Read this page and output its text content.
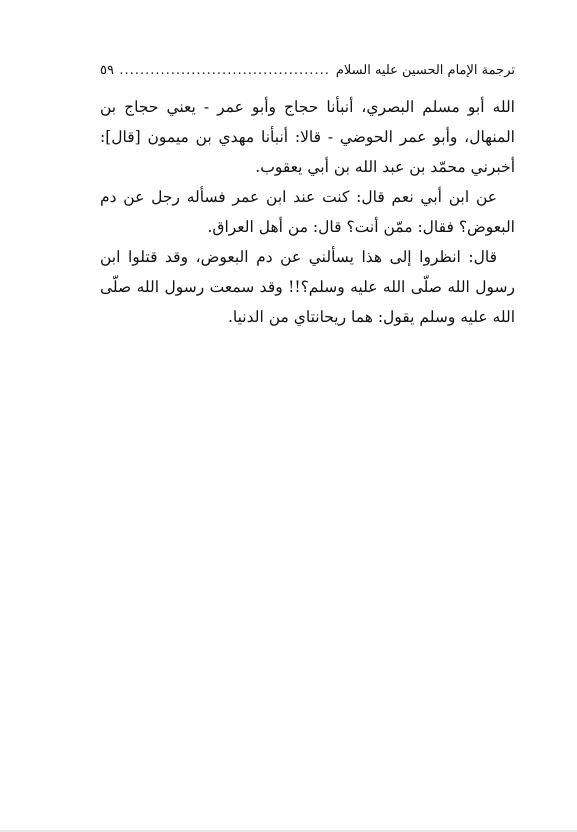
ترجمة الإمام الحسين عليه السلام
.....
٥٩

الله أبو مسلم البصري، أنبأنا حجاج وأبو عمر - يعني حجاج بن المنهال، وأبو عمر الحوضي - قالا: أنبأنا مهدي بن ميمون [قال]: أخبرني محمّد بن عبد الله بن أبي يعقوب.

عن ابن أبي نعم قال: كنت عند ابن عمر فسأله رجل عن دم البعوض؟ فقال: ممّن أنت؟ قال: من أهل العراق.

قال: انظروا إلى هذا يسألني عن دم البعوض، وقد قتلوا ابن رسول الله صلّى الله عليه وسلم؟!! وقد سمعت رسول الله صلّى الله عليه وسلم يقول: هما ريحانتاي من الدنيا.
